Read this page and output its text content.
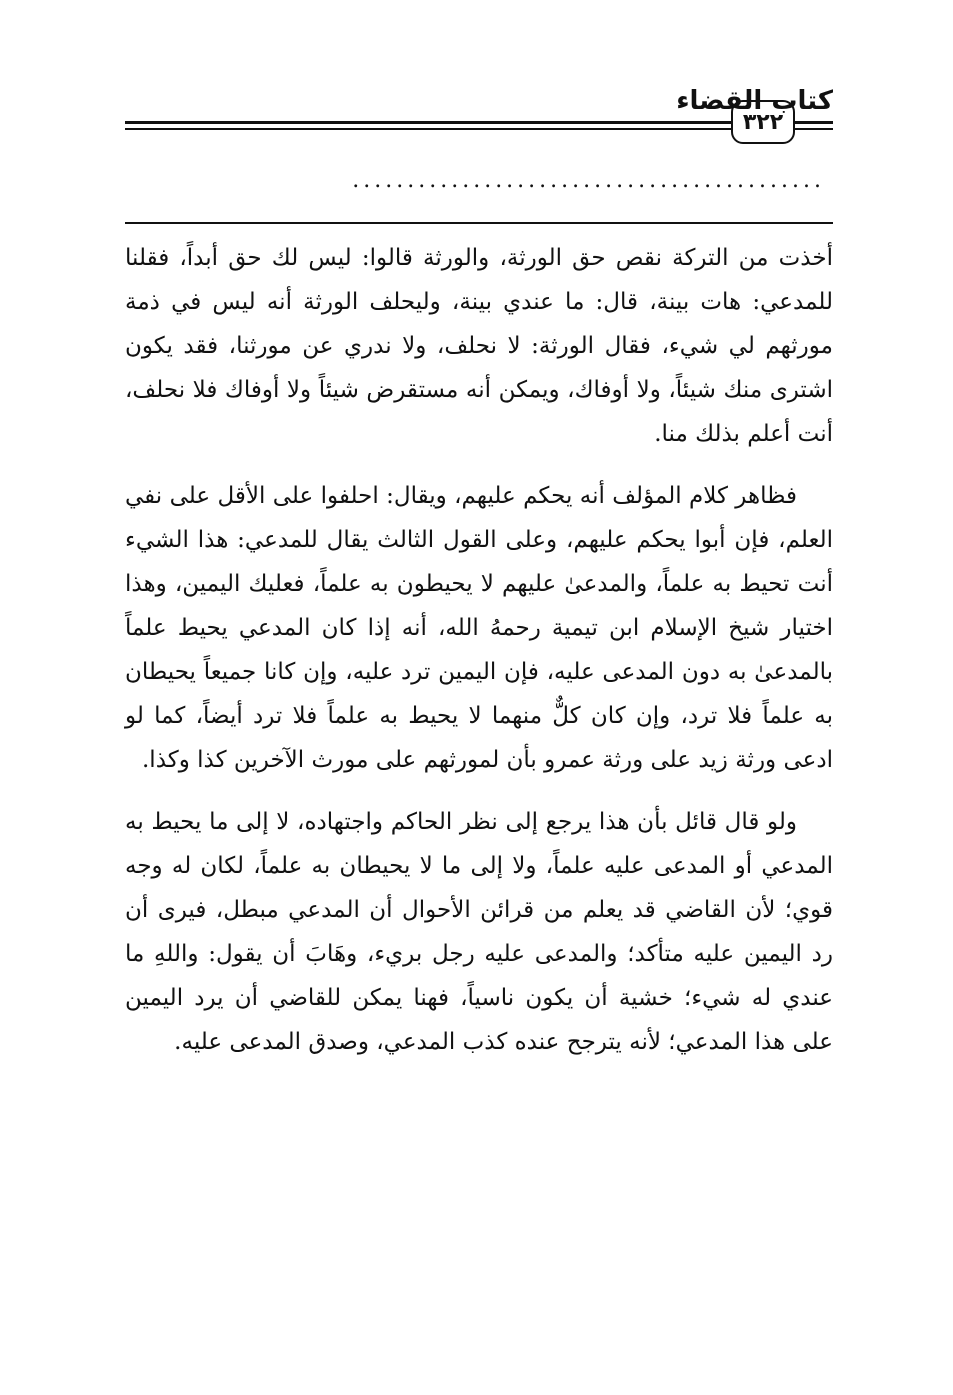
٣٢٢
كتاب القضاء
...........................................

أخذت من التركة نقص حق الورثة، والورثة قالوا: ليس لك حق أبداً، فقلنا للمدعي: هات بينة، قال: ما عندي بينة، وليحلف الورثة أنه ليس في ذمة مورثهم لي شيء، فقال الورثة: لا نحلف، ولا ندري عن مورثنا، فقد يكون اشترى منك شيئاً، ولا أوفاك، ويمكن أنه مستقرض شيئاً ولا أوفاك فلا نحلف، أنت أعلم بذلك منا.

فظاهر كلام المؤلف أنه يحكم عليهم، ويقال: احلفوا على الأقل على نفي العلم، فإن أبوا يحكم عليهم، وعلى القول الثالث يقال للمدعي: هذا الشيء أنت تحيط به علماً، والمدعىٰ عليهم لا يحيطون به علماً، فعليك اليمين، وهذا اختيار شيخ الإسلام ابن تيمية رحمهُ الله، أنه إذا كان المدعي يحيط علماً بالمدعىٰ به دون المدعى عليه، فإن اليمين ترد عليه، وإن كانا جميعاً يحيطان به علماً فلا ترد، وإن كان كلٌّ منهما لا يحيط به علماً فلا ترد أيضاً، كما لو ادعى ورثة زيد على ورثة عمرو بأن لمورثهم على مورث الآخرين كذا وكذا.

ولو قال قائل بأن هذا يرجع إلى نظر الحاكم واجتهاده، لا إلى ما يحيط به المدعي أو المدعى عليه علماً، ولا إلى ما لا يحيطان به علماً، لكان له وجه قوي؛ لأن القاضي قد يعلم من قرائن الأحوال أن المدعي مبطل، فيرى أن رد اليمين عليه متأكد؛ والمدعى عليه رجل بريء، وهَابَ أن يقول: واللهِ ما عندي له شيء؛ خشية أن يكون ناسياً، فهنا يمكن للقاضي أن يرد اليمين على هذا المدعي؛ لأنه يترجح عنده كذب المدعي، وصدق المدعى عليه.
